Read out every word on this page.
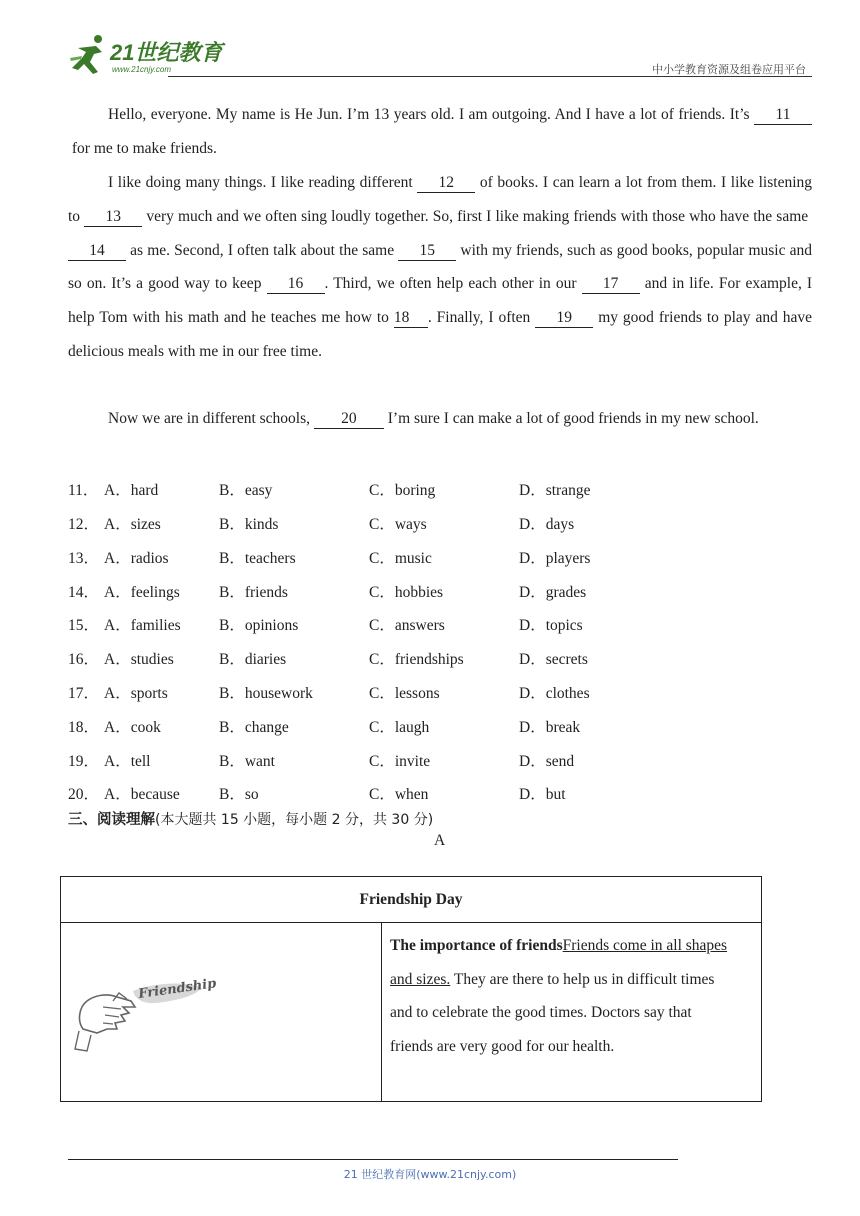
21世纪教育
www.21cnjy.com	中小学教育资源及组卷应用平台
Hello, everyone. My name is He Jun. I’m 13 years old. I am outgoing. And I have a lot of friends. It’s 11 for me to make friends.
I like doing many things. I like reading different 12 of books. I can learn a lot from them. I like listening to 13 very much and we often sing loudly together. So, first I like making friends with those who have the same 14 as me. Second, I often talk about the same 15 with my friends, such as good books, popular music and so on. It’s a good way to keep 16 . Third, we often help each other in our 17 and in life. For example, I help Tom with his math and he teaches me how to 18 . Finally, I often 19 my good friends to play and have delicious meals with me in our free time.
Now we are in different schools, 20 I’m sure I can make a lot of good friends in my new school.
11． A．hard	B．easy	C．boring	D．strange
12． A．sizes	B．kinds	C．ways	D．days
13． A．radios	B．teachers	C．music	D．players
14． A．feelings	B．friends	C．hobbies	D．grades
15． A．families B．opinions	C．answers	D．topics
16． A．studies	B．diaries	C．friendships	D．secrets
17． A．sports	B．housework	C．lessons	D．clothes
18． A．cook	B．change	C．laugh	D．break
19． A．tell	B．want	C．invite	D．send
20． A．because	B．so	C．when	D．but
三、阅读理解(本大题共 15 小题，每小题 2 分，共 30 分)
A
Friendship Day
Friendship
The importance of friendsFriends come in all shapes and sizes. They are there to help us in difficult times and to celebrate the good times. Doctors say that friends are very good for our health.
21 世纪教育网(www.21cnjy.com)
